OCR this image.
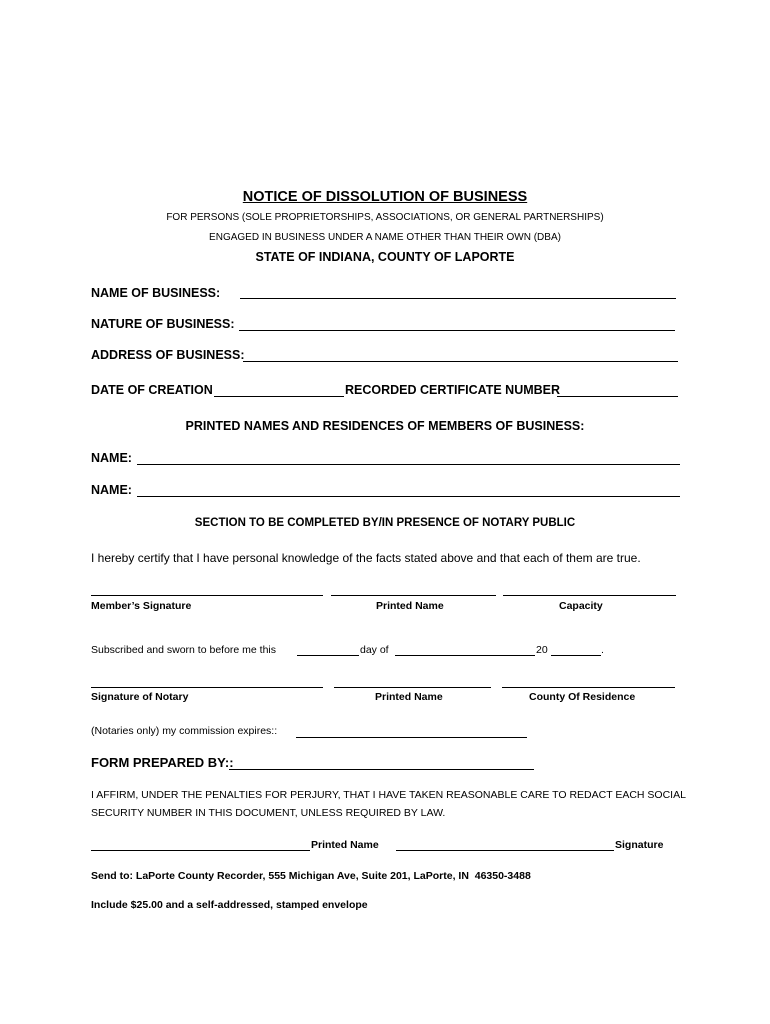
NOTICE OF DISSOLUTION OF BUSINESS
FOR PERSONS (SOLE PROPRIETORSHIPS, ASSOCIATIONS, OR GENERAL PARTNERSHIPS)
ENGAGED IN BUSINESS UNDER A NAME OTHER THAN THEIR OWN (DBA)
STATE OF INDIANA, COUNTY OF LAPORTE
NAME OF BUSINESS:
NATURE OF BUSINESS:
ADDRESS OF BUSINESS:
DATE OF CREATION	RECORDED CERTIFICATE NUMBER
PRINTED NAMES AND RESIDENCES OF MEMBERS OF BUSINESS:
NAME:
NAME:
SECTION TO BE COMPLETED BY/IN PRESENCE OF NOTARY PUBLIC
I hereby certify that I have personal knowledge of the facts stated above and that each of them are true.
Member’s Signature	Printed Name	Capacity
Subscribed and sworn to before me this	day of	20	.
Signature of Notary	Printed Name	County Of Residence
(Notaries only) my commission expires::
FORM PREPARED BY::
I AFFIRM, UNDER THE PENALTIES FOR PERJURY, THAT I HAVE TAKEN REASONABLE CARE TO REDACT EACH SOCIAL
SECURITY NUMBER IN THIS DOCUMENT, UNLESS REQUIRED BY LAW.
Printed Name	Signature
Send to: LaPorte County Recorder, 555 Michigan Ave, Suite 201, LaPorte, IN  46350-3488
Include $25.00 and a self-addressed, stamped envelope
